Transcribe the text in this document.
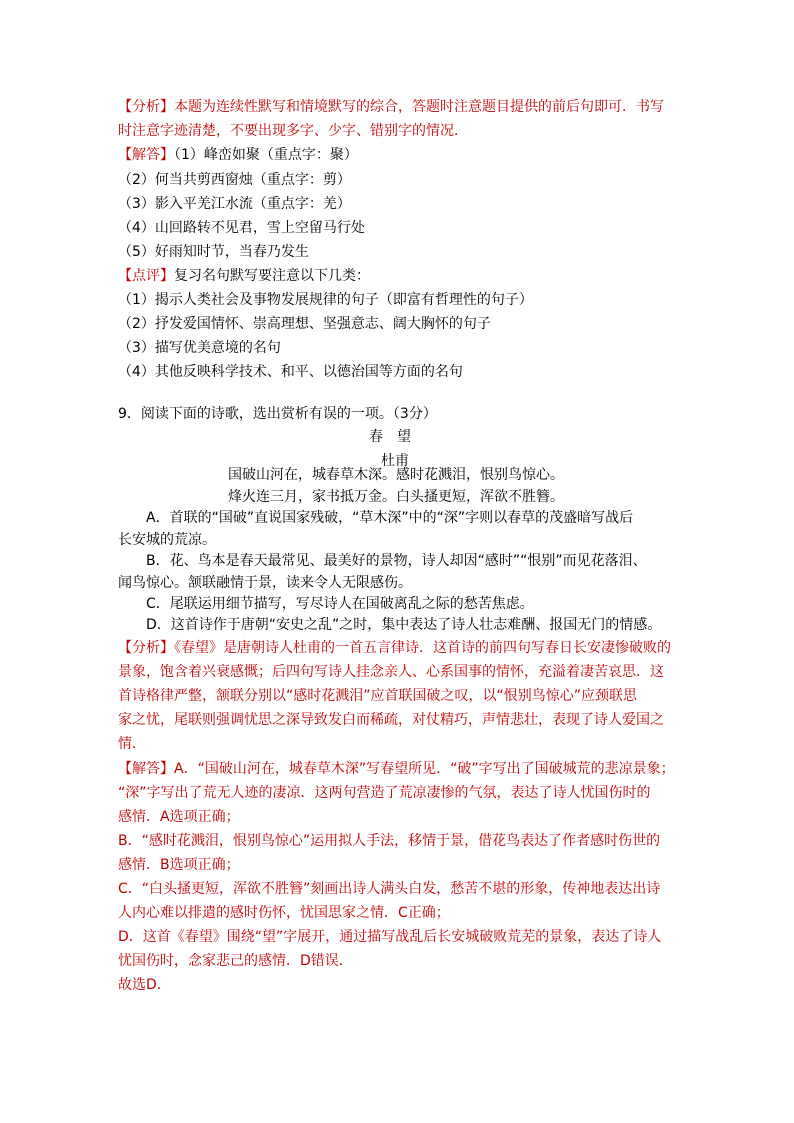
【分析】本题为连续性默写和情境默写的综合，答题时注意题目提供的前后句即可．书写
时注意字迹清楚，不要出现多字、少字、错别字的情况．
【解答】（1）峰峦如聚（重点字：聚）
（2）何当共剪西窗烛（重点字：剪）
（3）影入平羌江水流（重点字：羌）
（4）山回路转不见君，雪上空留马行处
（5）好雨知时节，当春乃发生
【点评】复习名句默写要注意以下几类：
（1）揭示人类社会及事物发展规律的句子（即富有哲理性的句子）
（2）抒发爱国情怀、崇高理想、坚强意志、阔大胸怀的句子
（3）描写优美意境的名句
（4）其他反映科学技术、和平、以德治国等方面的名句
9．阅读下面的诗歌，选出赏析有误的一项。（3分）
春　望
杜甫
国破山河在，城春草木深。感时花溅泪，恨别鸟惊心。
烽火连三月，家书抵万金。白头搔更短，浑欲不胜簪。
A．首联的“国破”直说国家残破，“草木深”中的“深”字则以春草的茂盛暗写战后
长安城的荒凉。
B．花、鸟本是春天最常见、最美好的景物，诗人却因“感时”“恨别”而见花落泪、
闻鸟惊心。颔联融情于景，读来令人无限感伤。
C．尾联运用细节描写，写尽诗人在国破离乱之际的愁苦焦虑。
D．这首诗作于唐朝“安史之乱”之时，集中表达了诗人壮志难酬、报国无门的情感。
【分析】《春望》是唐朝诗人杜甫的一首五言律诗．这首诗的前四句写春日长安凄惨破败的
景象，饱含着兴衰感慨；后四句写诗人挂念亲人、心系国事的情怀，充溢着凄苦哀思．这
首诗格律严整，颔联分别以“感时花溅泪”应首联国破之叹，以“恨别鸟惊心”应颈联思
家之忧，尾联则强调忧思之深导致发白而稀疏，对仗精巧，声情悲壮，表现了诗人爱国之
情．
【解答】A．“国破山河在，城春草木深”写春望所见．“破”字写出了国破城荒的悲凉景象；
“深”字写出了荒无人迹的凄凉．这两句营造了荒凉凄惨的气氛，表达了诗人忧国伤时的
感情．A选项正确；
B．“感时花溅泪，恨别鸟惊心”运用拟人手法，移情于景，借花鸟表达了作者感时伤世的
感情．B选项正确；
C．“白头搔更短，浑欲不胜簪”刻画出诗人满头白发，愁苦不堪的形象，传神地表达出诗
人内心难以排遣的感时伤怀，忧国思家之情．C正确；
D．这首《春望》围绕“望”字展开，通过描写战乱后长安城破败荒芜的景象，表达了诗人
忧国伤时，念家悲己的感情．D错误．
故选D．
